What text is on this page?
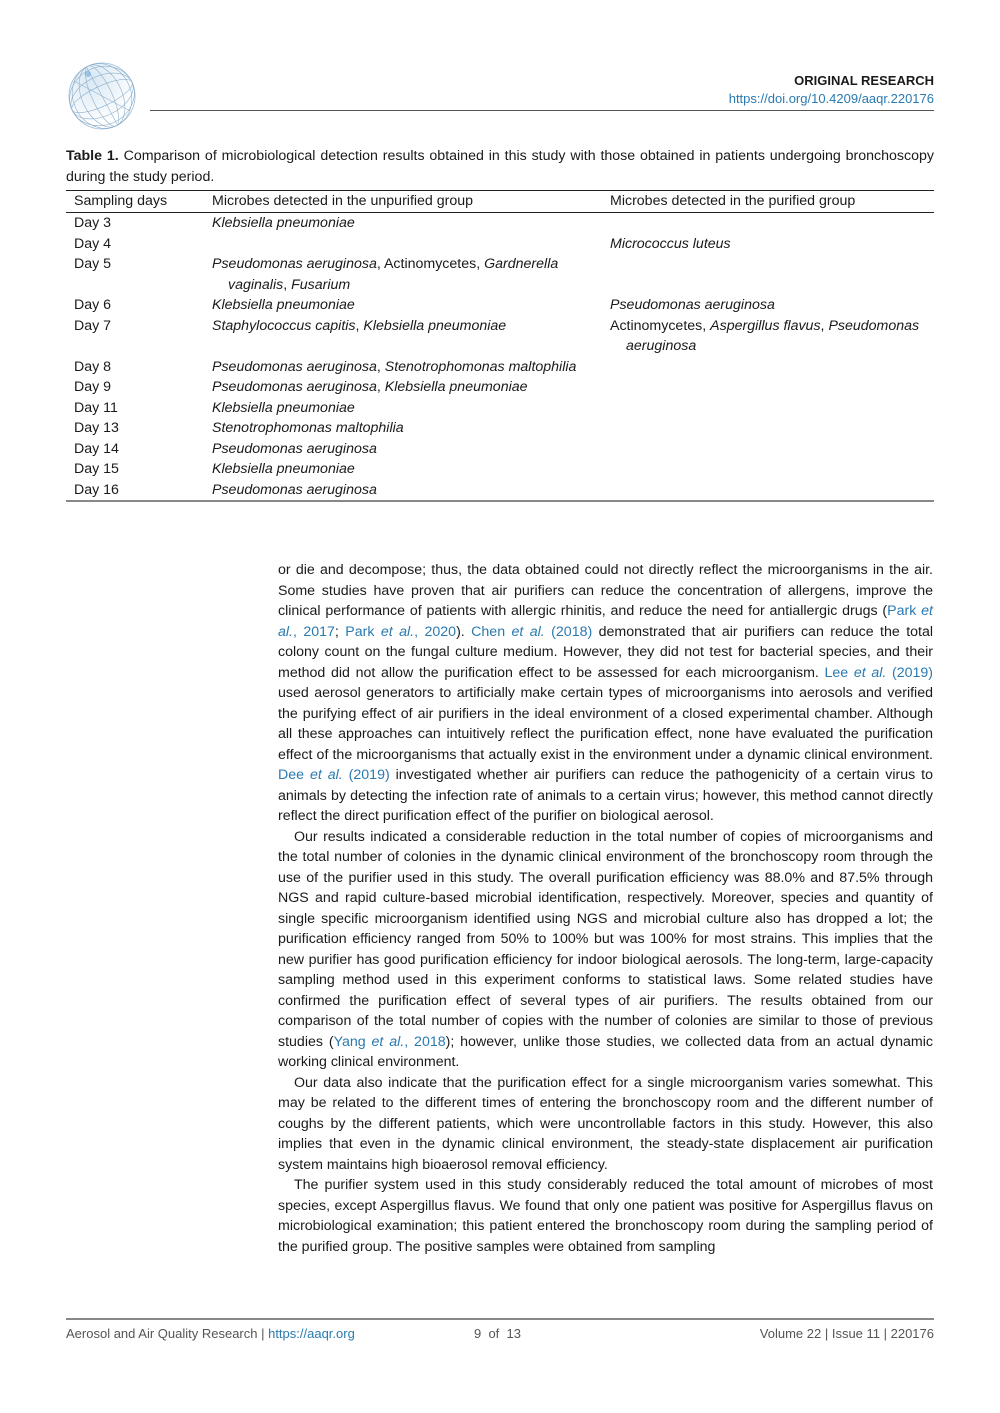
ORIGINAL RESEARCH
https://doi.org/10.4209/aaqr.220176
Table 1. Comparison of microbiological detection results obtained in this study with those obtained in patients undergoing bronchoscopy during the study period.
Sampling days	Microbes detected in the unpurified group	Microbes detected in the purified group
Day 3	Klebsiella pneumoniae	

Day 4		Micrococcus luteus

Day 5	Pseudomonas aeruginosa, Actinomycetes, Gardnerella vaginalis, Fusarium	

Day 6	Klebsiella pneumoniae	Pseudomonas aeruginosa

Day 7	Staphylococcus capitis, Klebsiella pneumoniae	Actinomycetes, Aspergillus flavus, Pseudomonas aeruginosa

Day 8	Pseudomonas aeruginosa, Stenotrophomonas maltophilia	

Day 9	Pseudomonas aeruginosa, Klebsiella pneumoniae	

Day 11	Klebsiella pneumoniae	

Day 13	Stenotrophomonas maltophilia	

Day 14	Pseudomonas aeruginosa	

Day 15	Klebsiella pneumoniae	

Day 16	Pseudomonas aeruginosa	

or die and decompose; thus, the data obtained could not directly reflect the microorganisms in the air. Some studies have proven that air purifiers can reduce the concentration of allergens, improve the clinical performance of patients with allergic rhinitis, and reduce the need for antiallergic drugs (Park et al., 2017; Park et al., 2020). Chen et al. (2018) demonstrated that air purifiers can reduce the total colony count on the fungal culture medium. However, they did not test for bacterial species, and their method did not allow the purification effect to be assessed for each microorganism. Lee et al. (2019) used aerosol generators to artificially make certain types of microorganisms into aerosols and verified the purifying effect of air purifiers in the ideal environment of a closed experimental chamber. Although all these approaches can intuitively reflect the purification effect, none have evaluated the purification effect of the microorganisms that actually exist in the environment under a dynamic clinical environment. Dee et al. (2019) investigated whether air purifiers can reduce the pathogenicity of a certain virus to animals by detecting the infection rate of animals to a certain virus; however, this method cannot directly reflect the direct purification effect of the purifier on biological aerosol.

Our results indicated a considerable reduction in the total number of copies of microorganisms and the total number of colonies in the dynamic clinical environment of the bronchoscopy room through the use of the purifier used in this study. The overall purification efficiency was 88.0% and 87.5% through NGS and rapid culture-based microbial identification, respectively. Moreover, species and quantity of single specific microorganism identified using NGS and microbial culture also has dropped a lot; the purification efficiency ranged from 50% to 100% but was 100% for most strains. This implies that the new purifier has good purification efficiency for indoor biological aerosols. The long-term, large-capacity sampling method used in this experiment conforms to statistical laws. Some related studies have confirmed the purification effect of several types of air purifiers. The results obtained from our comparison of the total number of copies with the number of colonies are similar to those of previous studies (Yang et al., 2018); however, unlike those studies, we collected data from an actual dynamic working clinical environment.

Our data also indicate that the purification effect for a single microorganism varies somewhat. This may be related to the different times of entering the bronchoscopy room and the different number of coughs by the different patients, which were uncontrollable factors in this study. However, this also implies that even in the dynamic clinical environment, the steady-state displacement air purification system maintains high bioaerosol removal efficiency.

The purifier system used in this study considerably reduced the total amount of microbes of most species, except Aspergillus flavus. We found that only one patient was positive for Aspergillus flavus on microbiological examination; this patient entered the bronchoscopy room during the sampling period of the purified group. The positive samples were obtained from sampling

Aerosol and Air Quality Research | https://aaqr.org	9  of  13	Volume 22 | Issue 11 | 220176
